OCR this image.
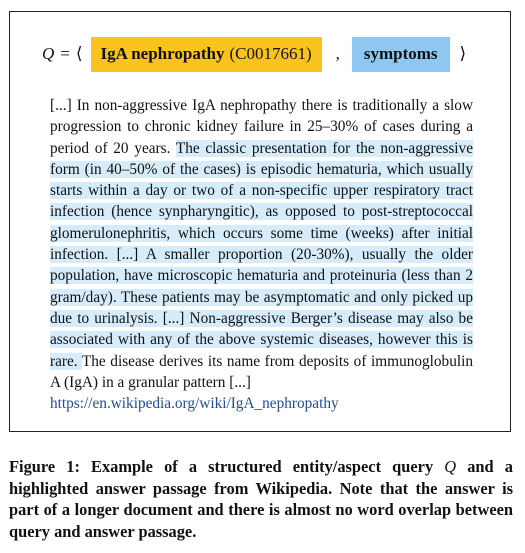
Q = ⟨ IgA nephropathy (C0017661) ,	symptoms	⟩
[...] In non-aggressive IgA nephropathy there is traditionally a slow progression to chronic kidney failure in 25–30% of cases during a period of 20 years. The classic presentation for the non-aggressive form (in 40–50% of the cases) is episodic hematuria, which usually starts within a day or two of a non-specific upper respiratory tract infection (hence synpharyngitic), as opposed to post-streptococcal glomerulonephritis, which occurs some time (weeks) after initial infection. [...] A smaller proportion (20-30%), usually the older population, have microscopic hematuria and proteinuria (less than 2 gram/day). These patients may be asymptomatic and only picked up due to urinalysis. [...] Non-aggressive Berger’s disease may also be associated with any of the above systemic diseases, however this is rare. The disease derives its name from deposits of immunoglobulin A (IgA) in a granular pattern [...]
https://en.wikipedia.org/wiki/IgA_nephropathy
Figure 1: Example of a structured entity/aspect query Q and a highlighted answer passage from Wikipedia. Note that the answer is part of a longer document and there is almost no word overlap between query and answer passage.
